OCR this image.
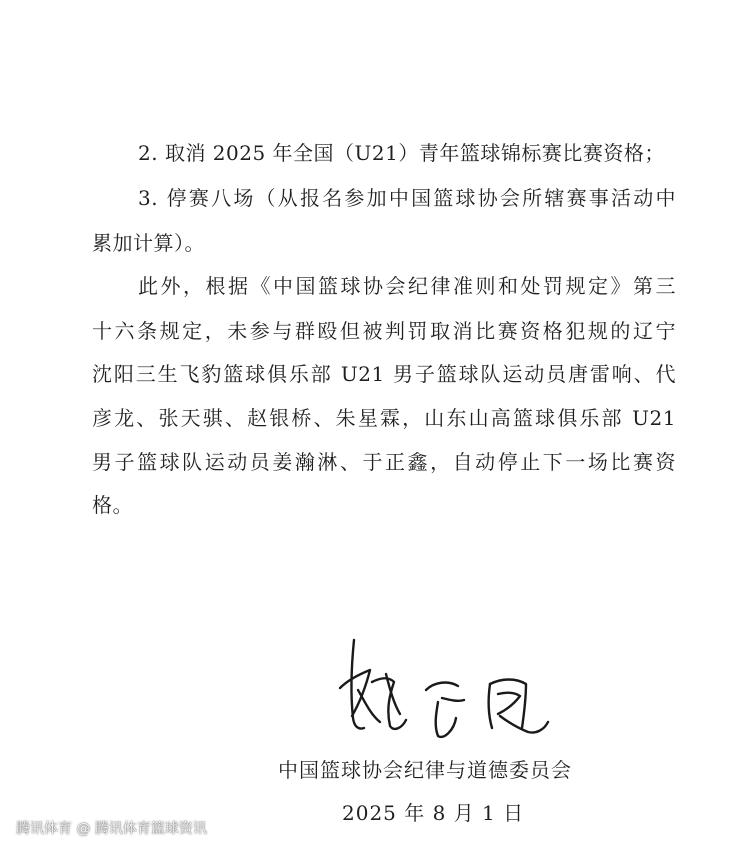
2. 取消 2025 年全国（U21）青年篮球锦标赛比赛资格；
3. 停赛八场（从报名参加中国篮球协会所辖赛事活动中
累加计算）。
此外，根据《中国篮球协会纪律准则和处罚规定》第三
十六条规定，未参与群殴但被判罚取消比赛资格犯规的辽宁
沈阳三生飞豹篮球俱乐部 U21 男子篮球队运动员唐雷响、代
彦龙、张天骐、赵银桥、朱星霖，山东山高篮球俱乐部 U21
男子篮球队运动员姜瀚淋、于正鑫，自动停止下一场比赛资
格。
中国篮球协会纪律与道德委员会
2025 年 8 月 1 日
腾讯体育 @ 腾讯体育篮球资讯
